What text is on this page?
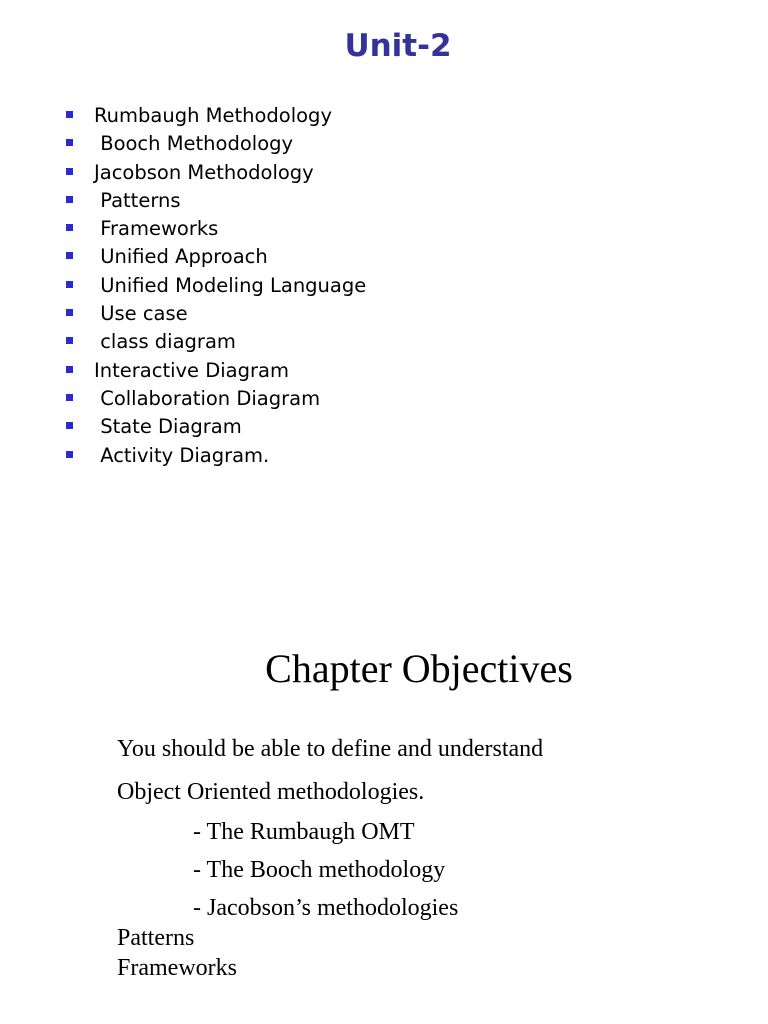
Unit-2

Rumbaugh Methodology

Booch Methodology

Jacobson Methodology

Patterns

Frameworks

Unified Approach

Unified Modeling Language

Use case

class diagram

Interactive Diagram

Collaboration Diagram

State Diagram

Activity Diagram.

Chapter Objectives

You should be able to define and understand

Object Oriented methodologies.

- The Rumbaugh OMT

- The Booch methodology

- Jacobson’s methodologies

Patterns

Frameworks
